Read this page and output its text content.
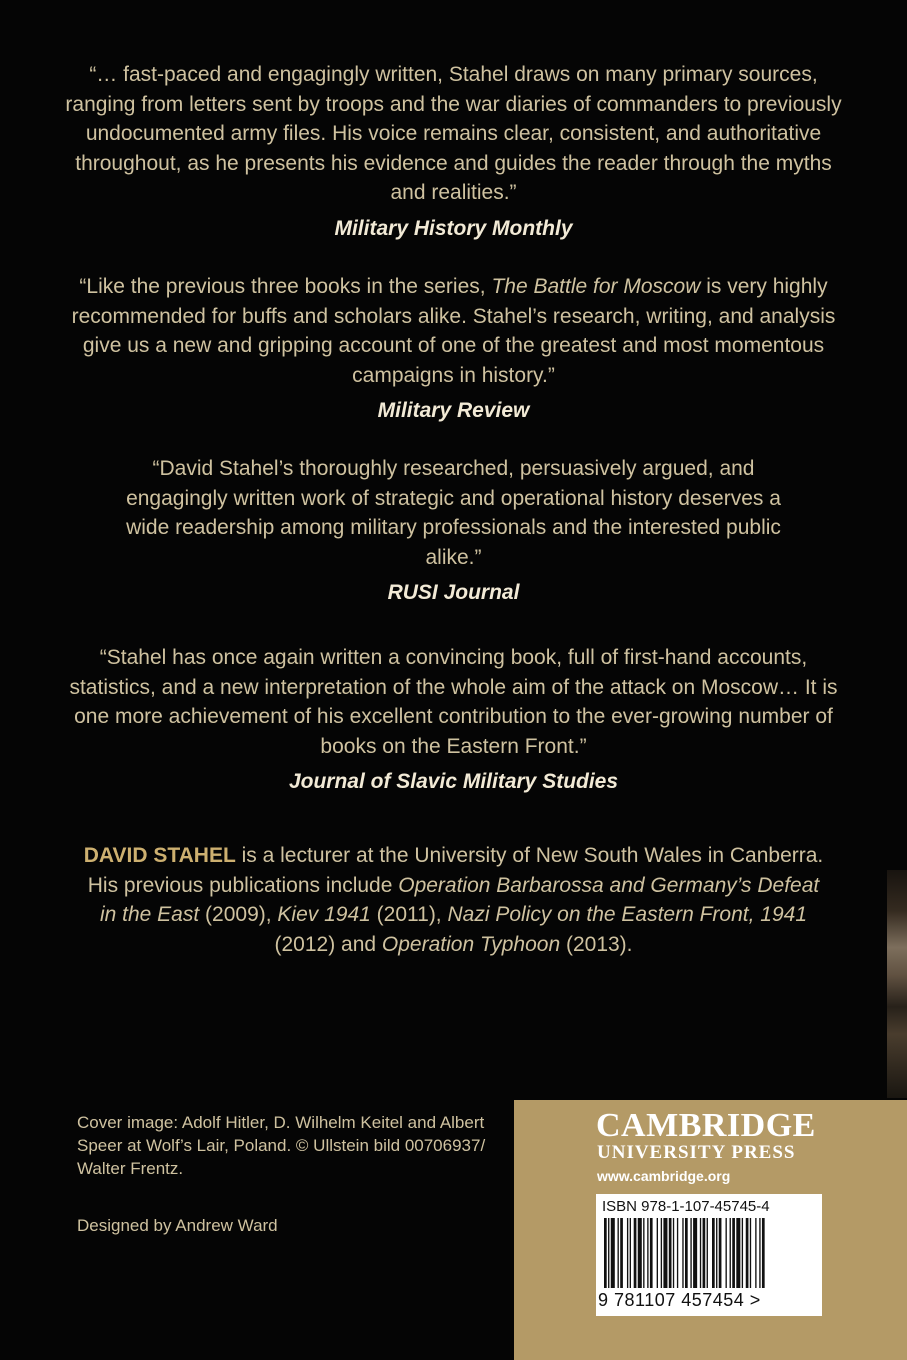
“… fast-paced and engagingly written, Stahel draws on many primary sources, ranging from letters sent by troops and the war diaries of commanders to previously undocumented army files. His voice remains clear, consistent, and authoritative throughout, as he presents his evidence and guides the reader through the myths and realities.”

Military History Monthly

“Like the previous three books in the series, The Battle for Moscow is very highly recommended for buffs and scholars alike. Stahel’s research, writing, and analysis give us a new and gripping account of one of the greatest and most momentous campaigns in history.”

Military Review

“David Stahel’s thoroughly researched, persuasively argued, and engagingly written work of strategic and operational history deserves a wide readership among military professionals and the interested public alike.”

RUSI Journal

“Stahel has once again written a convincing book, full of first-hand accounts, statistics, and a new interpretation of the whole aim of the attack on Moscow… It is one more achievement of his excellent contribution to the ever-growing number of books on the Eastern Front.”

Journal of Slavic Military Studies
DAVID STAHEL is a lecturer at the University of New South Wales in Canberra. His previous publications include Operation Barbarossa and Germany’s Defeat in the East (2009), Kiev 1941 (2011), Nazi Policy on the Eastern Front, 1941 (2012) and Operation Typhoon (2013).
Cover image: Adolf Hitler, D. Wilhelm Keitel and Albert Speer at Wolf’s Lair, Poland. © Ullstein bild 00706937/ Walter Frentz.
Designed by Andrew Ward
CAMBRIDGE
UNIVERSITY PRESS
www.cambridge.org
ISBN 978-1-107-45745-4
9 781107 457454 >
